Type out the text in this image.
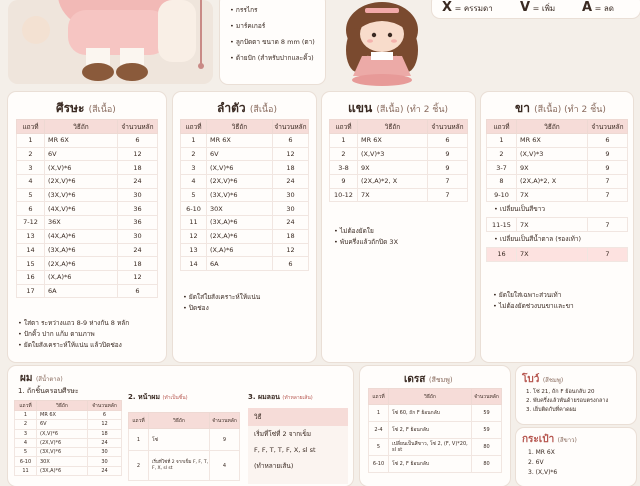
• กรรไกร
• มาร์คเกอร์
• ลูกปัดตา ขนาด 8 mm (ตา)
• ด้ายปัก (สำหรับปากและคิ้ว)
X = ครรมดา V = เพิ่ม A = ลด
ศีรษะ (สีเนื้อ)
แถวที่	วิธีถัก	จำนวนหลัก
1	MR 6X	6
2	6V	12
3	(X,V)*6	18
4	(2X,V)*6	24
5	(3X,V)*6	30
6	(4X,V)*6	36
7-12	36X	36
13	(4X,A)*6	30
14	(3X,A)*6	24
15	(2X,A)*6	18
16	(X,A)*6	12
17	6A	6
• ใส่ตา ระหว่างแถว 8-9 ห่างกัน 8 หลัก
• ปักคิ้ว ปาก แก้ม ตามภาพ
• ยัดใยสังเคราะห์ให้แน่น แล้วปิดช่อง
ลำตัว (สีเนื้อ)
แถวที่	วิธีถัก	จำนวนหลัก
1	MR 6X	6
2	6V	12
3	(X,V)*6	18
4	(2X,V)*6	24
5	(3X,V)*6	30
6-10	30X	30
11	(3X,A)*6	24
12	(2X,A)*6	18
13	(X,A)*6	12
14	6A	6
• ยัดใส่ใยสังเคราะห์ให้แน่น
• ปิดช่อง
แขน (สีเนื้อ) (ทำ 2 ชิ้น)
แถวที่	วิธีถัก	จำนวนหลัก
1	MR 6X	6
2	(X,V)*3	9
3-8	9X	9
9	(2X,A)*2, X	7
10-12	7X	7
• ไม่ต้องยัดใย
• พับครึ่งแล้วถักปิด 3X
ขา (สีเนื้อ) (ทำ 2 ชิ้น)
แถวที่	วิธีถัก	จำนวนหลัก
1	MR 6X	6
2	(X,V)*3	9
3-7	9X	9
8	(2X,A)*2, X	7
9-10	7X	7
• เปลี่ยนเป็นสีขาว
11-15	7X	7
• เปลี่ยนเป็นสีน้ำตาล (รองเท้า)
16	7X	7
• ยัดใยใส่เฉพาะส่วนเท้า
• ไม่ต้องยัดช่วงบนขาเเละขา
ผม (สีน้ำตาล)
1. ถักชิ้นครอบศีรษะ
แถวที่	วิธีถัก	จำนวนหลัก
1	MR 6X	6
2	6V	12
3	(X,V)*6	18
4	(2X,V)*6	24
5	(3X,V)*6	30
6-10	30X	30
11	(3X,A)*6	24
2. หน้าผม (ทำเป็นชิ้น)
แถวที่	วิธีถัก	จำนวนหลัก
1	โซ่	9
2	เริ่มที่โซ่ที่ 2 จากเข็ม F, F, T, F, X, sl st	4
3. ผมลอน (ทำหลายเส้น)
วิธี
เริ่มที่โซ่ที่ 2 จากเข็ม
F, F, T, T, F, X, sl st
(ทำหลายเส้น)
เดรส (สีชมพู)
แถวที่	วิธีถัก	จำนวนหลัก
1	โซ่ 60, ถัก F ย้อนกลับ	59
2-4	โซ่ 2, F ย้อนกลับ	59
5	เปลี่ยนเป็นสีขาว, โซ่ 2, (F, V)*20, sl st	80
6-10	โซ่ 2, F ย้อนกลับ	80
โบว์ (สีชมพู)
1. โซ่ 21, ถัก F ย้อนกลับ 20
2. พับครึ่งแล้วพันด้ายรอบตรงกลาง
3. เย็บติดกับที่คาดผม
กระเป๋า (สีขาว)
1. MR 6X
2. 6V
3. (X,V)*6
